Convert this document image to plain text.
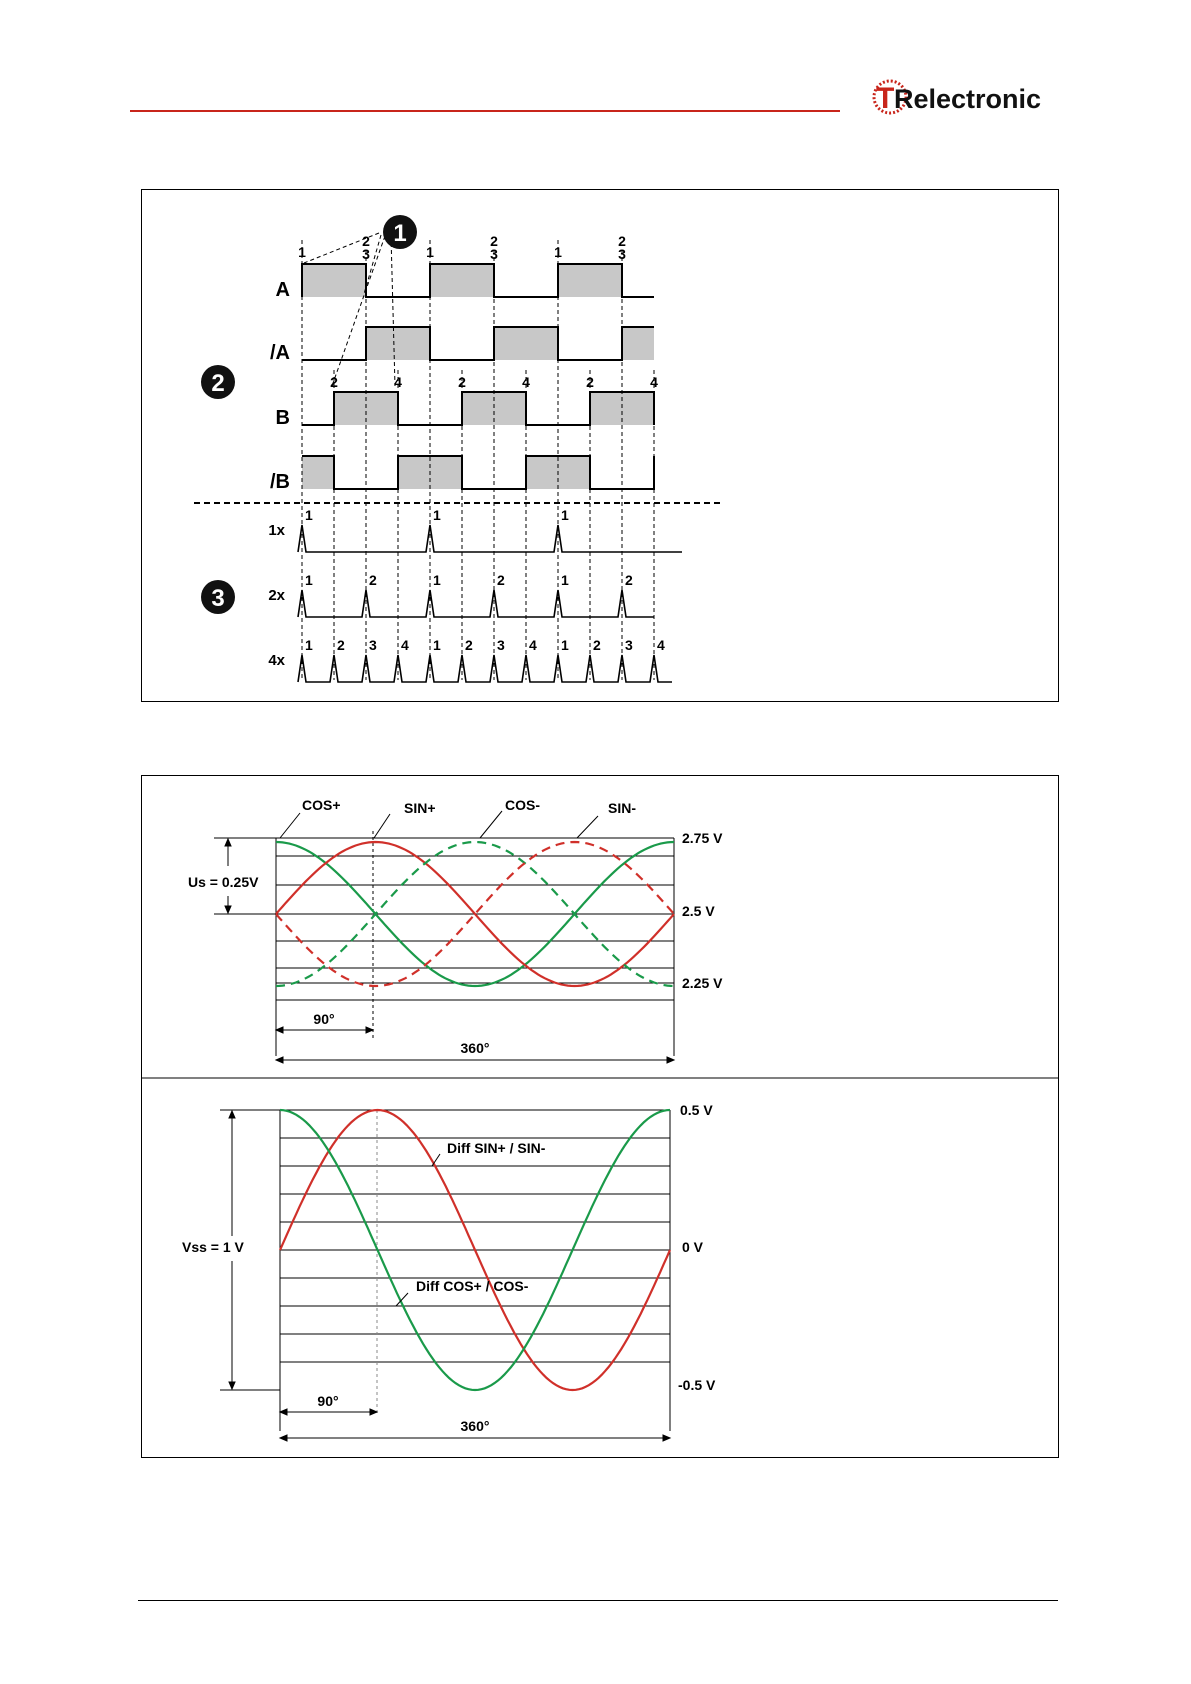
T Relectronic
1
2
3
A
/A
B
/B
1x
2x
4x
1	1	1
2
3
2
3
2
3
2	4	2	4	2	4
1	1	1
1	2	1	2	1	2
1 2 3 4 1 2 3 4 1 2 3 4
COS+	SIN+	COS-	SIN-
2.75 V
2.5 V
2.25 V
Us = 0.25V
90°
360°
Diff SIN+ / SIN-
Diff COS+ / COS-
0.5 V
0 V
-0.5 V
Vss = 1 V
90°
360°
